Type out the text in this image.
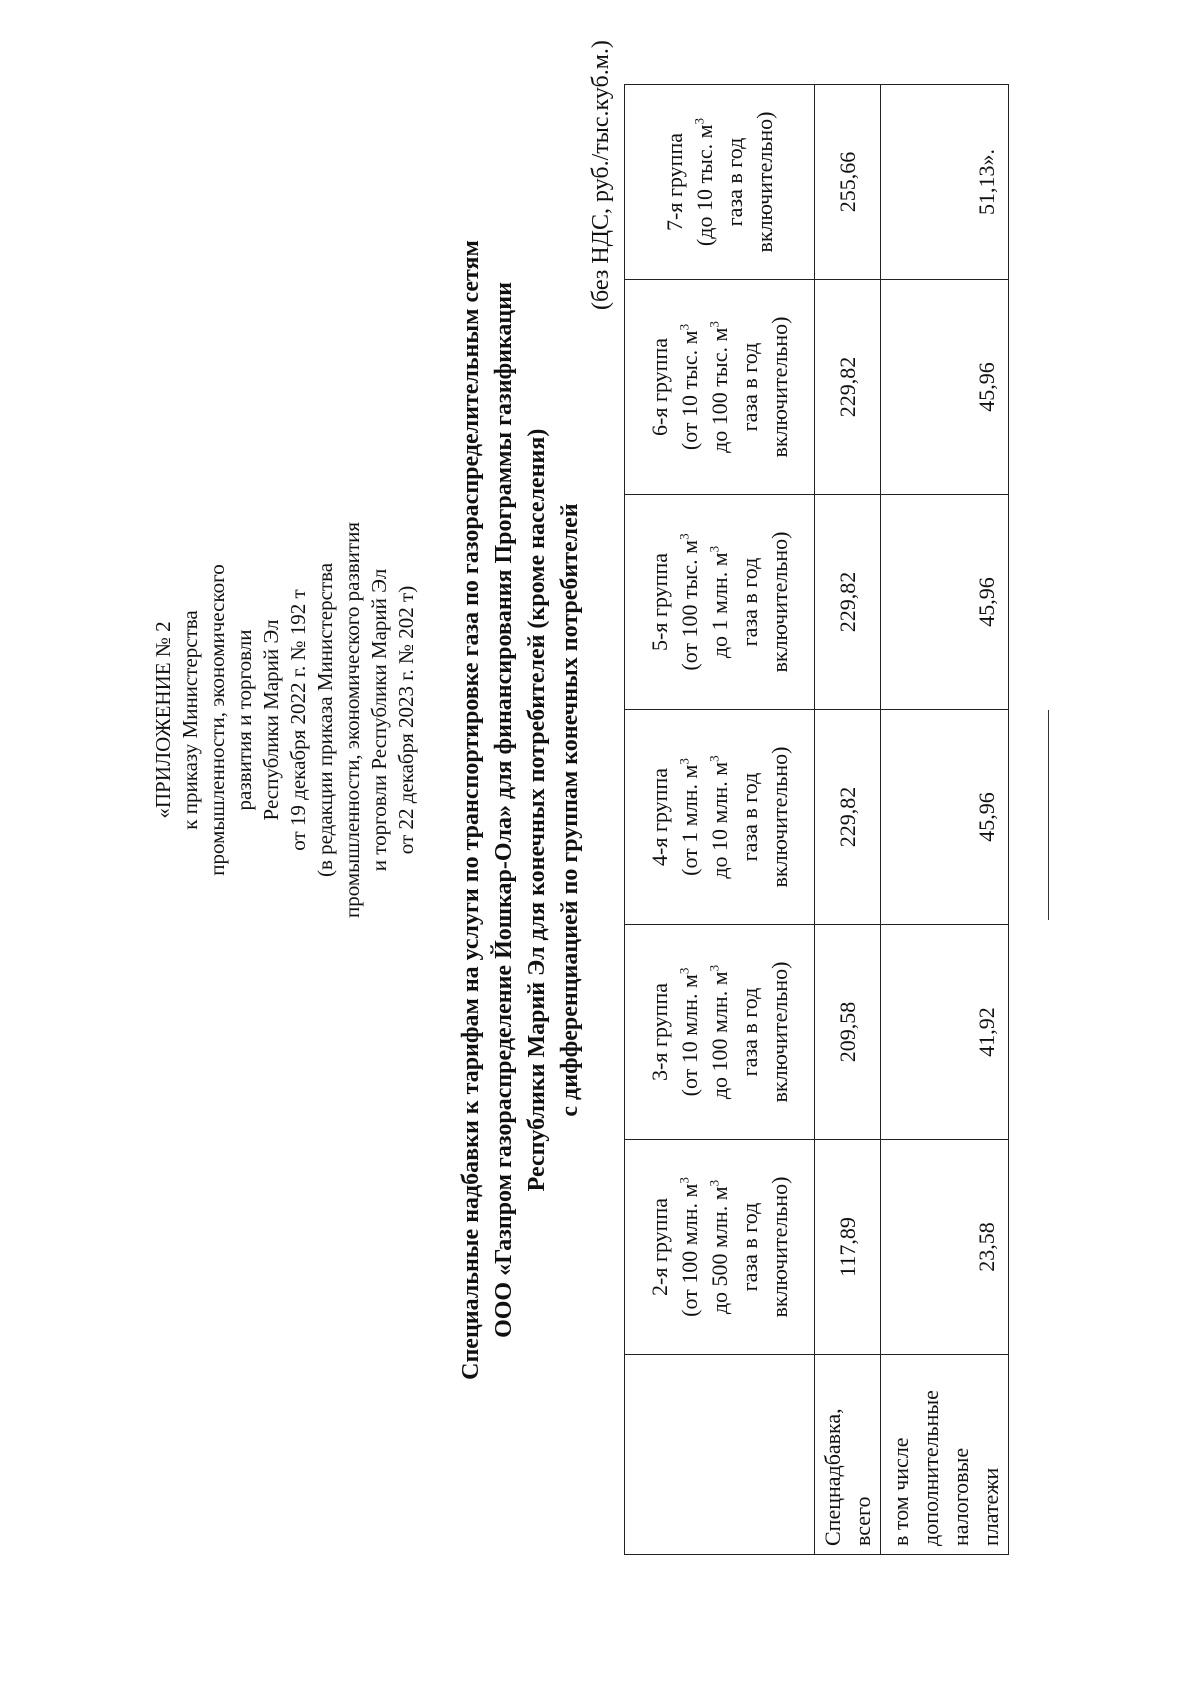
«ПРИЛОЖЕНИЕ № 2 к приказу Министерства промышленности, экономического развития и торговли Республики Марий Эл от 19 декабря 2022 г. № 192 т (в редакции приказа Министерства промышленности, экономического развития и торговли Республики Марий Эл от 22 декабря 2023 г. № 202 т) Специальные надбавки к тарифам на услуги по транспортировке газа по газораспределительным сетям ООО «Газпром газораспределение Йошкар-Ола» для финансирования Программы газификации Республики Марий Эл для конечных потребителей (кроме населения) с дифференциацией по группам конечных потребителей
(без НДС, руб./тыс.куб.м.)

	2-я группа (от 100 млн. $м^3$
до 500 млн. $м^3$
газа в год включительно)	3-я группа (от 10 млн. $м^3$
до 100 млн. $м^3$
газа в год включительно)	4-я группа (от 1 млн. $м^3$
до 10 млн. $м^3$
газа в год включительно)	5-я группа (от 100 тыс. $м^3$
до 1 млн. $м^3$
газа в год включительно)	6-я группа (от 10 тыс. $м^3$
до 100 тыс. $м^3$
газа в год включительно)	7-я группа (до 10 тыс. $м^3$
газа в год включительно)

Спецнадбавка, всего	117,89	209,58	229,82	229,82	229,82	255,66

в том числе дополнительные налоговые платежи	23,58	41,92	45,96	45,96	45,96	51,13».
